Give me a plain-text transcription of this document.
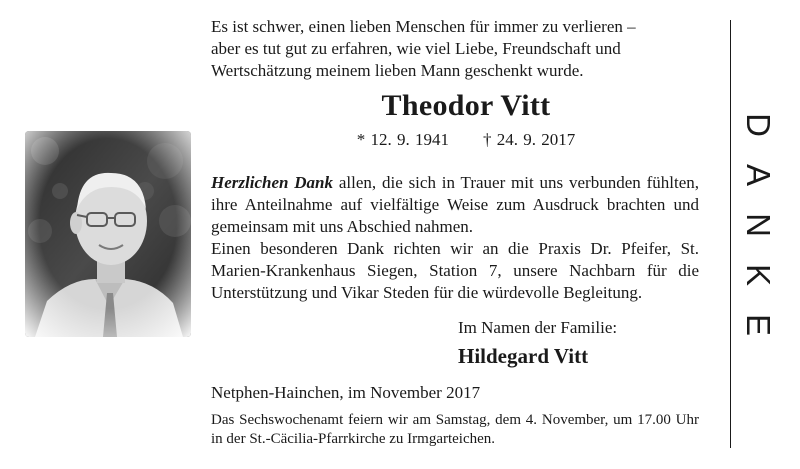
Es ist schwer, einen lieben Menschen für immer zu verlieren –
aber es tut gut zu erfahren, wie viel Liebe, Freundschaft und
Wertschätzung meinem lieben Mann geschenkt wurde.
Theodor Vitt
* 12. 9. 1941 † 24. 9. 2017
Herzlichen Dank allen, die sich in Trauer mit uns verbunden fühlten, ihre Anteilnahme auf vielfältige Weise zum Ausdruck brachten und gemeinsam mit uns Abschied nahmen.
Einen besonderen Dank richten wir an die Praxis Dr. Pfeifer, St. Marien-Krankenhaus Siegen, Station 7, unsere Nachbarn für die Unterstützung und Vikar Steden für die würdevolle Begleitung.
Im Namen der Familie:
Hildegard Vitt
Netphen-Hainchen, im November 2017
Das Sechswochenamt feiern wir am Samstag, dem 4. November, um 17.00 Uhr in der St.-Cäcilia-Pfarrkirche zu Irmgarteichen.
D
A
N
K
E
